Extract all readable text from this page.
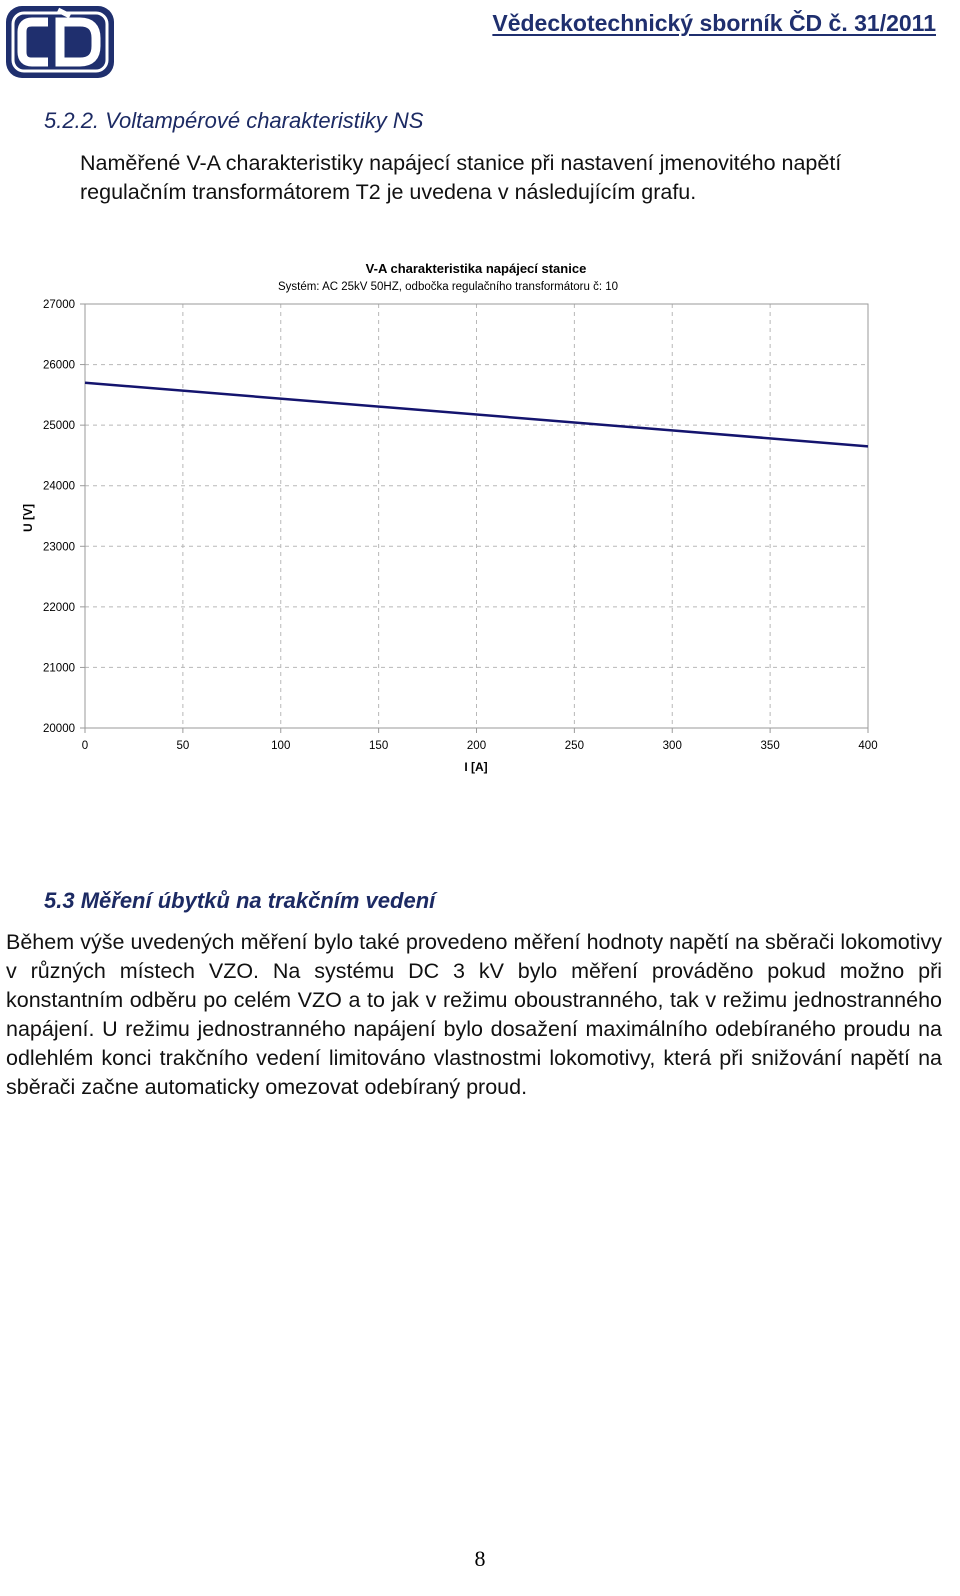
Vědeckotechnický sborník ČD č. 31/2011
5.2.2. Voltampérové charakteristiky NS

Naměřené V-A charakteristiky napájecí stanice při nastavení jmenovitého napětí regulačním transformátorem T2 je uvedena v následujícím grafu.

V-A charakteristika napájecí stanice
Systém: AC 25kV 50HZ, odbočka regulačního transformátoru č: 10
20000
21000
22000
23000
24000
25000
26000
27000
0	50	100	150	200	250	300	350	400
I [A]
U [V]
5.3 Měření úbytků na trakčním vedení

Během výše uvedených měření bylo také provedeno měření hodnoty napětí na sběrači lokomotivy v různých místech VZO. Na systému DC 3 kV bylo měření prováděno pokud možno při konstantním odběru po celém VZO a to jak v režimu oboustranného, tak v režimu jednostranného napájení. U režimu jednostranného napájení bylo dosažení maximálního odebíraného proudu na odlehlém konci trakčního vedení limitováno vlastnostmi lokomotivy, která při snižování napětí na sběrači začne automaticky omezovat odebíraný proud.

8
